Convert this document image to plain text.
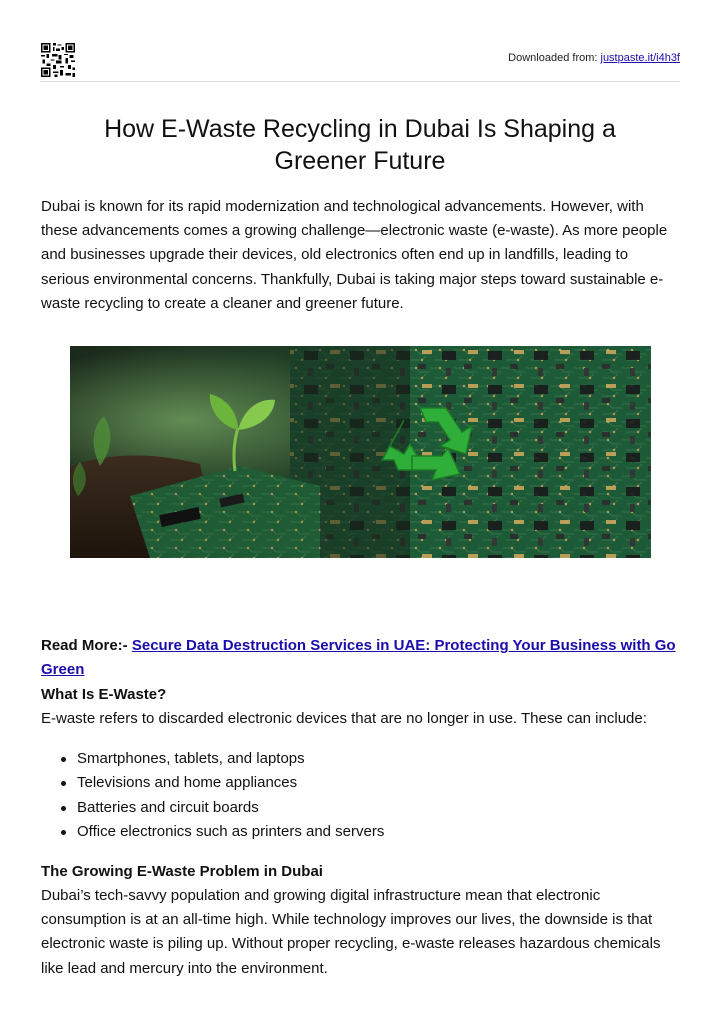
Downloaded from: justpaste.it/i4h3f
How E-Waste Recycling in Dubai Is Shaping a Greener Future

Dubai is known for its rapid modernization and technological advancements. However, with these advancements comes a growing challenge—electronic waste (e-waste). As more people and businesses upgrade their devices, old electronics often end up in landfills, leading to serious environmental concerns. Thankfully, Dubai is taking major steps toward sustainable e-waste recycling to create a cleaner and greener future.

Read More:- Secure Data Destruction Services in UAE: Protecting Your Business with Go Green

What Is E-Waste?

E-waste refers to discarded electronic devices that are no longer in use. These can include:

Smartphones, tablets, and laptops
Televisions and home appliances
Batteries and circuit boards
Office electronics such as printers and servers
The Growing E-Waste Problem in Dubai

Dubai’s tech-savvy population and growing digital infrastructure mean that electronic consumption is at an all-time high. While technology improves our lives, the downside is that electronic waste is piling up. Without proper recycling, e-waste releases hazardous chemicals like lead and mercury into the environment.
